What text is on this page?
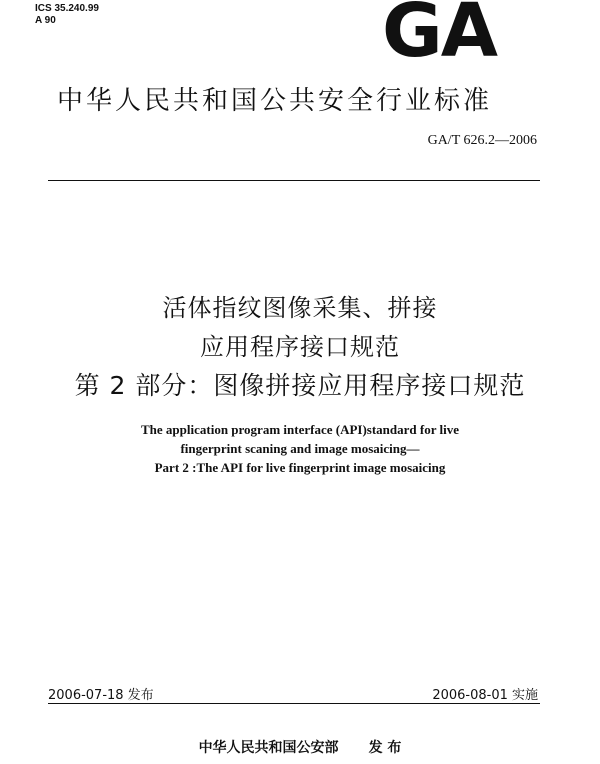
ICS 35.240.99
A 90	GA
中华人民共和国公共安全行业标准
GA/T 626.2—2006
活体指纹图像采集、拼接
应用程序接口规范
第 2 部分：图像拼接应用程序接口规范
The application program interface (API)standard for live
fingerprint scaning and image mosaicing—
Part 2 :The API for live fingerprint image mosaicing
2006-07-18 发布	2006-08-01 实施
中华人民共和国公安部 发 布
